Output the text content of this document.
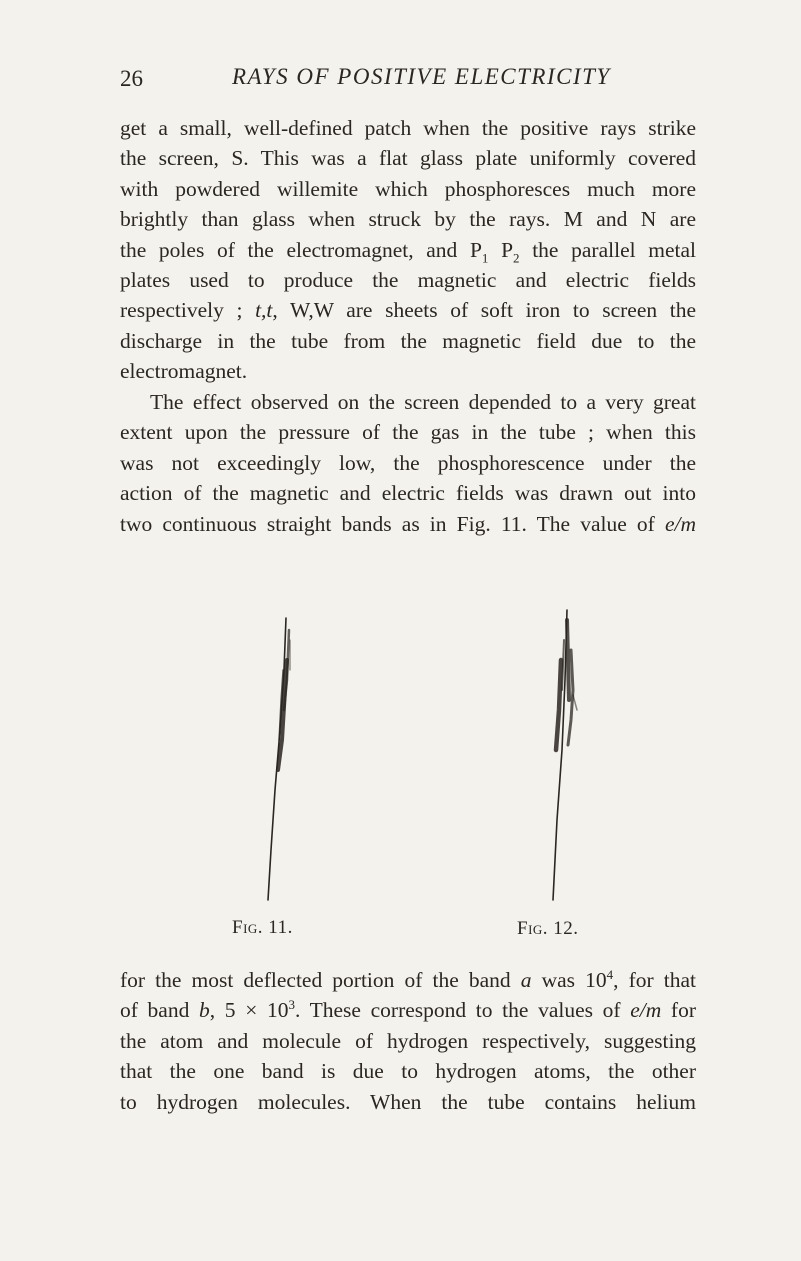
26	RAYS OF POSITIVE ELECTRICITY
get a small, well-defined patch when the positive rays strike
the screen, S. This was a flat glass plate uniformly covered
with powdered willemite which phosphoresces much more
brightly than glass when struck by the rays. M and N are
the poles of the electromagnet, and $P_1$ $P_2$ the parallel metal
plates used to produce the magnetic and electric fields
respectively ; t,t, W,W are sheets of soft iron to screen the
discharge in the tube from the magnetic field due to the
electromagnet.
The effect observed on the screen depended to a very great
extent upon the pressure of the gas in the tube ; when this
was not exceedingly low, the phosphorescence under the
action of the magnetic and electric fields was drawn out into
two continuous straight bands as in Fig. 11. The value of e/m
Fig. 11.	Fig. 12.
for the most deflected portion of the band a was $10^4$, for that
of band b, $5 \times 10^3$. These correspond to the values of e/m for
the atom and molecule of hydrogen respectively, suggesting
that the one band is due to hydrogen atoms, the other
to hydrogen molecules. When the tube contains helium
